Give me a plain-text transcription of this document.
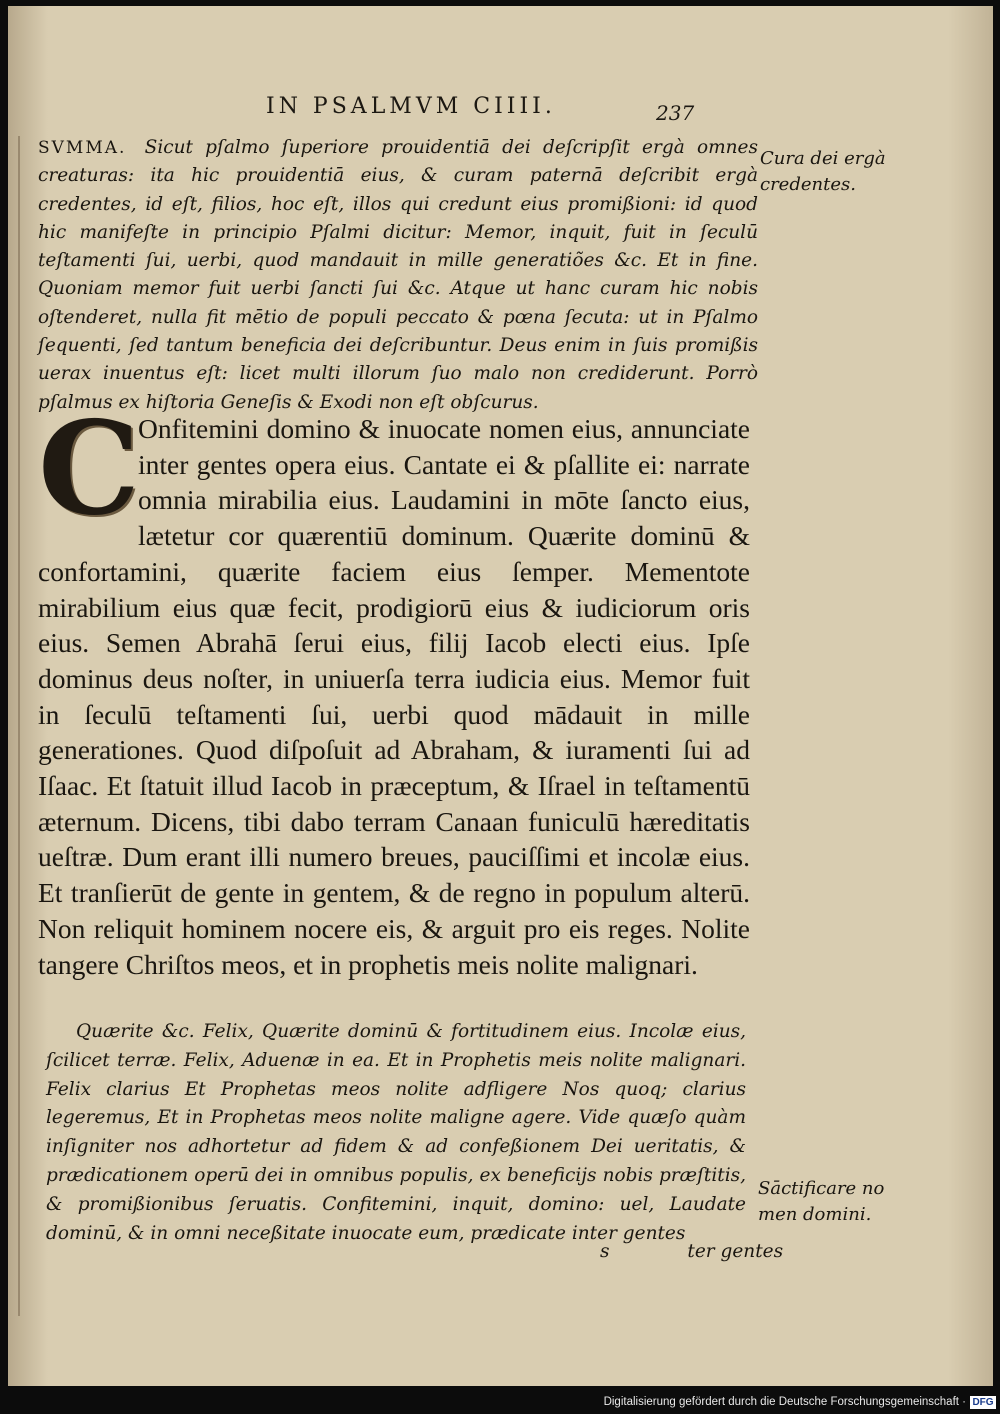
IN PSALMVM CIIII.	237
SVMMA. Sicut pſalmo ſuperiore prouidentiā dei deſcripſit ergà omnes creaturas: ita hic prouidentiā eius, & curam paternā deſcribit ergà credentes, id eſt, filios, hoc eſt, illos qui credunt eius promißioni: id quod hic manifeſte in principio Pſalmi dicitur: Memor, inquit, fuit in ſeculū teſtamenti ſui, uerbi, quod mandauit in mille generatiões &c. Et in fine. Quoniam memor fuit uerbi ſancti ſui &c. Atque ut hanc curam hic nobis oſtenderet, nulla fit mētio de populi peccato & pœna ſecuta: ut in Pſalmo ſequenti, ſed tantum beneficia dei deſcribuntur. Deus enim in ſuis promißis uerax inuentus eſt: licet multi illorum ſuo malo non crediderunt. Porrò pſalmus ex hiſtoria Geneſis & Exodi non eſt obſcurus.
Cura dei ergà
credentes.
C
Onfitemini domino & inuocate nomen eius, annunciate inter gentes opera eius. Cantate ei & pſallite ei: narrate omnia mirabilia eius. Laudamini in mōte ſancto eius, lætetur cor quærentiū dominum. Quærite dominū & confortamini, quærite faciem eius ſemper. Mementote mirabilium eius quæ fecit, prodigiorū eius & iudiciorum oris eius. Semen Abrahā ſerui eius, filij Iacob electi eius. Ipſe dominus deus noſter, in uniuerſa terra iudicia eius. Memor fuit in ſeculū teſtamenti ſui, uerbi quod mādauit in mille generationes. Quod diſpoſuit ad Abraham, & iuramenti ſui ad Iſaac. Et ſtatuit illud Iacob in præceptum, & Iſrael in teſtamentū æternum. Dicens, tibi dabo terram Canaan funiculū hæreditatis ueſtræ. Dum erant illi numero breues, pauciſſimi et incolæ eius. Et tranſierūt de gente in gentem, & de regno in populum alterū. Non reliquit hominem nocere eis, & arguit pro eis reges. Nolite tangere Chriſtos meos, et in prophetis meis nolite malignari.

Quærite &c. Felix, Quærite dominū & fortitudinem eius. Incolæ eius, ſcilicet terræ. Felix, Aduenæ in ea. Et in Prophetis meis nolite malignari. Felix clarius Et Prophetas meos nolite adfligere Nos quoq; clarius legeremus, Et in Prophetas meos nolite maligne agere. Vide quæſo quàm inſigniter nos adhortetur ad fidem & ad confeßionem Dei ueritatis, & prædicationem operū dei in omnibus populis, ex beneficijs nobis præſtitis, & promißionibus ſeruatis. Confitemini, inquit, domino: uel, Laudate dominū, & in omni neceßitate inuocate eum, prædicate inter gentes

Sāctificare no
men domini.
s	ter gentes
Digitalisierung gefördert durch die Deutsche Forschungsgemeinschaft · DFG
